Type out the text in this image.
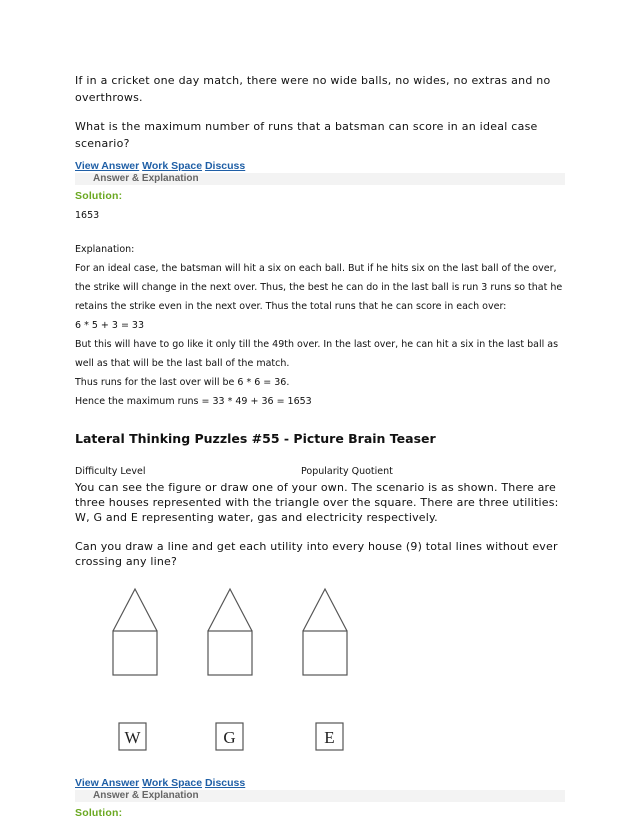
If in a cricket one day match, there were no wide balls, no wides, no extras and no overthrows.

What is the maximum number of runs that a batsman can score in an ideal case scenario?

View Answer Work Space Discuss
Answer & Explanation
Solution:

1653

Explanation:

For an ideal case, the batsman will hit a six on each ball. But if he hits six on the last ball of the over,

the strike will change in the next over. Thus, the best he can do in the last ball is run 3 runs so that he

retains the strike even in the next over. Thus the total runs that he can score in each over:

6 * 5 + 3 = 33

But this will have to go like it only till the 49th over. In the last over, he can hit a six in the last ball as

well as that will be the last ball of the match.

Thus runs for the last over will be 6 * 6 = 36.

Hence the maximum runs = 33 * 49 + 36 = 1653

Lateral Thinking Puzzles #55 - Picture Brain Teaser
Difficulty Level	Popularity Quotient

You can see the figure or draw one of your own. The scenario is as shown. There are three houses represented with the triangle over the square. There are three utilities: W, G and E representing water, gas and electricity respectively.

Can you draw a line and get each utility into every house (9) total lines without ever crossing any line?

W	G	E
View Answer Work Space Discuss
Answer & Explanation
Solution:
